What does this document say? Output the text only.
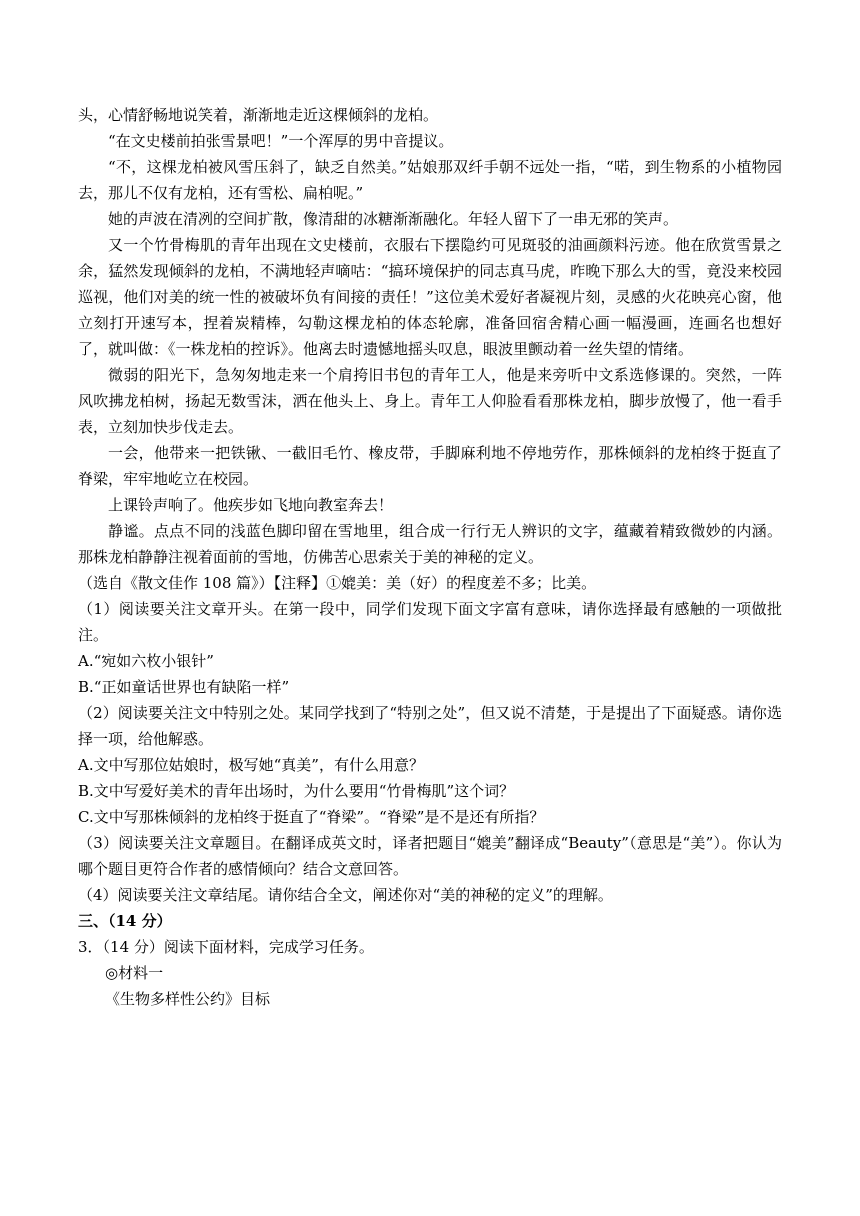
头，心情舒畅地说笑着，渐渐地走近这棵倾斜的龙柏。
“在文史楼前拍张雪景吧！”一个浑厚的男中音提议。
“不，这棵龙柏被风雪压斜了，缺乏自然美。”姑娘那双纤手朝不远处一指，“喏，到生物系的小植物园去，那儿不仅有龙柏，还有雪松、扁柏呢。”
她的声波在清冽的空间扩散，像清甜的冰糖渐渐融化。年轻人留下了一串无邪的笑声。
又一个竹骨梅肌的青年出现在文史楼前，衣服右下摆隐约可见斑驳的油画颜料污迹。他在欣赏雪景之余，猛然发现倾斜的龙柏，不满地轻声嘀咕：“搞环境保护的同志真马虎，昨晚下那么大的雪，竟没来校园巡视，他们对美的统一性的被破坏负有间接的责任！”这位美术爱好者凝视片刻，灵感的火花映亮心窗，他立刻打开速写本，捏着炭精棒，勾勒这棵龙柏的体态轮廓，准备回宿舍精心画一幅漫画，连画名也想好了，就叫做：《一株龙柏的控诉》。他离去时遗憾地摇头叹息，眼波里颤动着一丝失望的情绪。
微弱的阳光下，急匆匆地走来一个肩挎旧书包的青年工人，他是来旁听中文系选修课的。突然，一阵风吹拂龙柏树，扬起无数雪沫，洒在他头上、身上。青年工人仰脸看看那株龙柏，脚步放慢了，他一看手表，立刻加快步伐走去。
一会，他带来一把铁锹、一截旧毛竹、橡皮带，手脚麻利地不停地劳作，那株倾斜的龙柏终于挺直了脊梁，牢牢地屹立在校园。
上课铃声响了。他疾步如飞地向教室奔去！
静谧。点点不同的浅蓝色脚印留在雪地里，组合成一行行无人辨识的文字，蕴藏着精致微妙的内涵。那株龙柏静静注视着面前的雪地，仿佛苦心思索关于美的神秘的定义。
（选自《散文佳作 108 篇》）【注释】①媲美：美（好）的程度差不多；比美。
（1）阅读要关注文章开头。在第一段中，同学们发现下面文字富有意味，请你选择最有感触的一项做批注。
A.“宛如六枚小银针”
B.“正如童话世界也有缺陷一样”
（2）阅读要关注文中特别之处。某同学找到了“特别之处”，但又说不清楚，于是提出了下面疑惑。请你选择一项，给他解惑。
A.文中写那位姑娘时，极写她“真美”，有什么用意？
B.文中写爱好美术的青年出场时，为什么要用“竹骨梅肌”这个词？
C.文中写那株倾斜的龙柏终于挺直了“脊梁”。“脊梁”是不是还有所指？
（3）阅读要关注文章题目。在翻译成英文时，译者把题目“媲美”翻译成“Beauty”（意思是“美”）。你认为哪个题目更符合作者的感情倾向？结合文意回答。
（4）阅读要关注文章结尾。请你结合全文，阐述你对“美的神秘的定义”的理解。
三、（14 分）
3．（14 分）阅读下面材料，完成学习任务。
◎材料一
《生物多样性公约》目标
